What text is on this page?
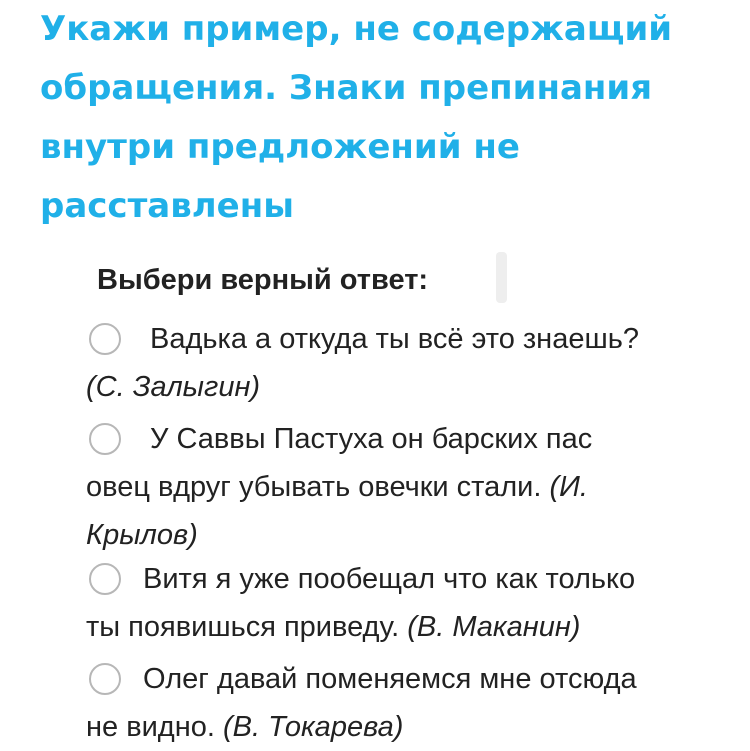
Укажи пример, не содержащий
обращения. Знаки препинания
внутри предложений не
расставлены
Выбери верный ответ:
Вадька а откуда ты всё это знаешь?
(С. Залыгин)
У Саввы Пастуха он барских пас
овец вдруг убывать овечки стали. (И.
Крылов)
Витя я уже пообещал что как только
ты появишься приведу. (В. Маканин)
Олег давай поменяемся мне отсюда
не видно. (В. Токарева)
